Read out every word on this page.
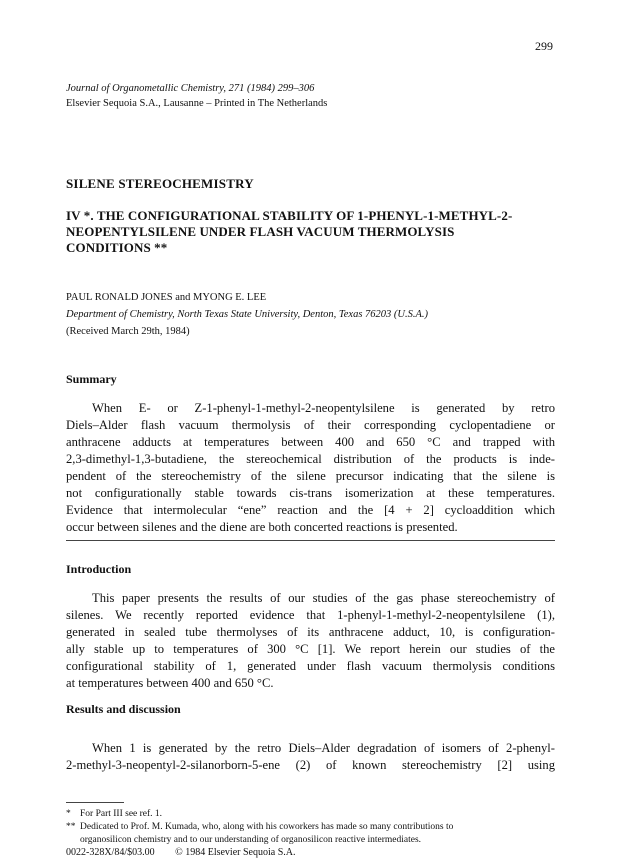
299
Journal of Organometallic Chemistry, 271 (1984) 299–306
Elsevier Sequoia S.A., Lausanne – Printed in The Netherlands
SILENE STEREOCHEMISTRY
IV *. THE CONFIGURATIONAL STABILITY OF 1-PHENYL-1-METHYL-2-
NEOPENTYLSILENE UNDER FLASH VACUUM THERMOLYSIS
CONDITIONS **
PAUL RONALD JONES and MYONG E. LEE
Department of Chemistry, North Texas State University, Denton, Texas 76203 (U.S.A.)
(Received March 29th, 1984)
Summary
When E- or Z-1-phenyl-1-methyl-2-neopentylsilene is generated by retro
Diels–Alder flash vacuum thermolysis of their corresponding cyclopentadiene or
anthracene adducts at temperatures between 400 and 650 °C and trapped with
2,3-dimethyl-1,3-butadiene, the stereochemical distribution of the products is inde-
pendent of the stereochemistry of the silene precursor indicating that the silene is
not configurationally stable towards cis-trans isomerization at these temperatures.
Evidence that intermolecular “ene” reaction and the [4 + 2] cycloaddition which
occur between silenes and the diene are both concerted reactions is presented.
Introduction
This paper presents the results of our studies of the gas phase stereochemistry of
silenes. We recently reported evidence that 1-phenyl-1-methyl-2-neopentylsilene (1),
generated in sealed tube thermolyses of its anthracene adduct, 10, is configuration-
ally stable up to temperatures of 300 °C [1]. We report herein our studies of the
configurational stability of 1, generated under flash vacuum thermolysis conditions
at temperatures between 400 and 650 °C.
Results and discussion
When 1 is generated by the retro Diels–Alder degradation of isomers of 2-phenyl-
2-methyl-3-neopentyl-2-silanorborn-5-ene (2) of known stereochemistry [2] using
* For Part III see ref. 1.
** Dedicated to Prof. M. Kumada, who, along with his coworkers has made so many contributions to
organosilicon chemistry and to our understanding of organosilicon reactive intermediates.
0022-328X/84/$03.00 © 1984 Elsevier Sequoia S.A.
